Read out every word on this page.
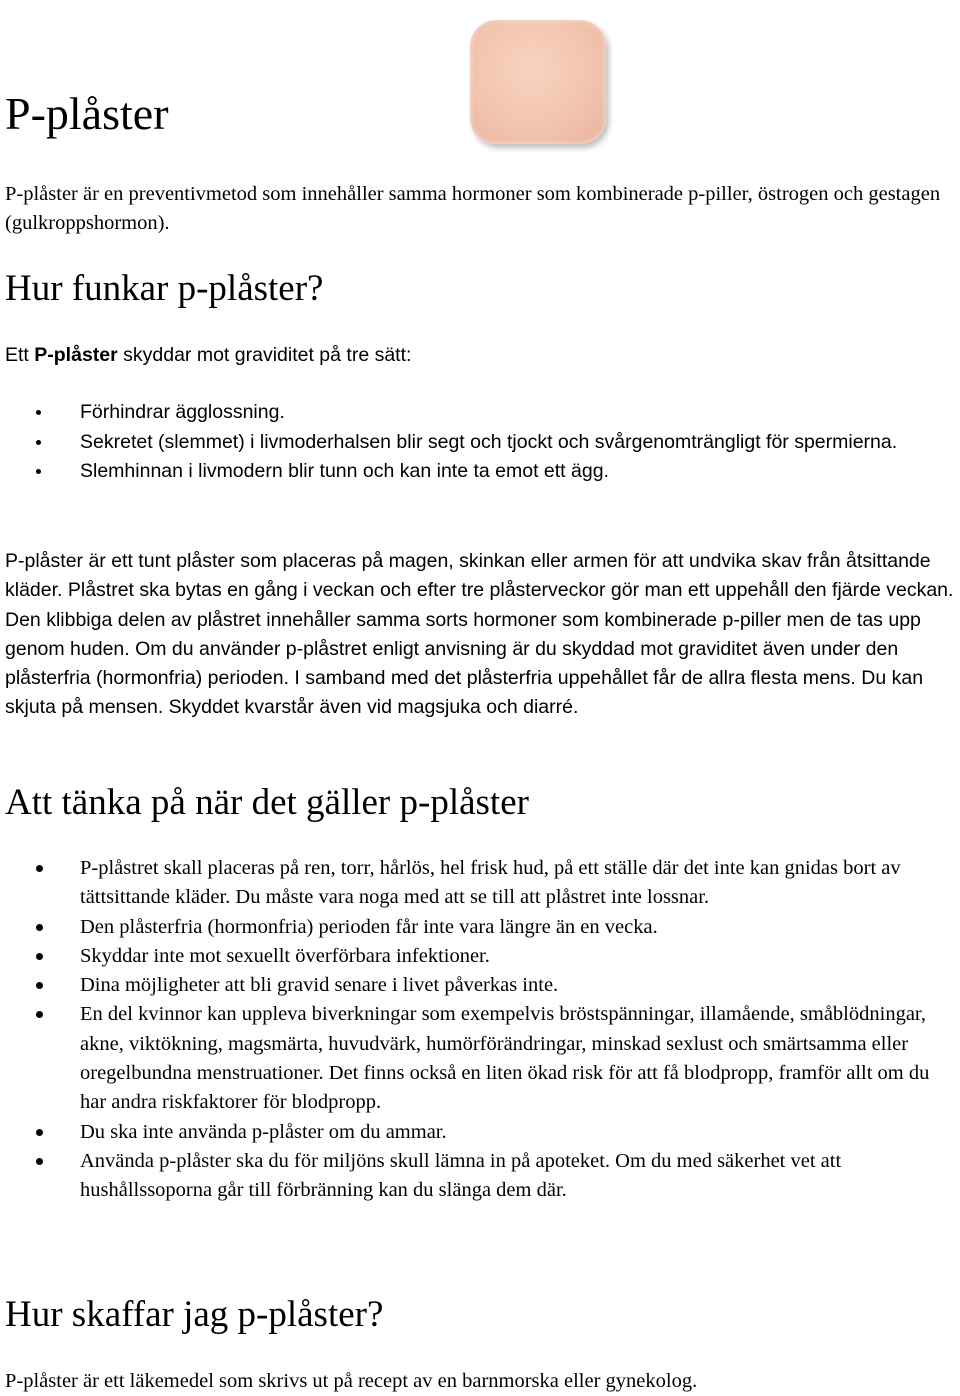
P-plåster

P-plåster är en preventivmetod som innehåller samma hormoner som kombinerade p-piller, östrogen och gestagen (gulkroppshormon).

Hur funkar p-plåster?

Ett P-plåster skyddar mot graviditet på tre sätt:

Förhindrar ägglossning.
Sekretet (slemmet) i livmoderhalsen blir segt och tjockt och svårgenomträngligt för spermierna.
Slemhinnan i livmodern blir tunn och kan inte ta emot ett ägg.

P-plåster är ett tunt plåster som placeras på magen, skinkan eller armen för att undvika skav från åtsittande kläder. Plåstret ska bytas en gång i veckan och efter tre plåsterveckor gör man ett uppehåll den fjärde veckan. Den klibbiga delen av plåstret innehåller samma sorts hormoner som kombinerade p-piller men de tas upp genom huden. Om du använder p-plåstret enligt anvisning är du skyddad mot graviditet även under den plåsterfria (hormonfria) perioden. I samband med det plåsterfria uppehållet får de allra flesta mens. Du kan skjuta på mensen. Skyddet kvarstår även vid magsjuka och diarré.

Att tänka på när det gäller p-plåster
P-plåstret skall placeras på ren, torr, hårlös, hel frisk hud, på ett ställe där det inte kan gnidas bort av tättsittande kläder. Du måste vara noga med att se till att plåstret inte lossnar.
Den plåsterfria (hormonfria) perioden får inte vara längre än en vecka.
Skyddar inte mot sexuellt överförbara infektioner.
Dina möjligheter att bli gravid senare i livet påverkas inte.
En del kvinnor kan uppleva biverkningar som exempelvis bröstspänningar, illamående, småblödningar, akne, viktökning, magsmärta, huvudvärk, humörförändringar, minskad sexlust och smärtsamma eller oregelbundna menstruationer. Det finns också en liten ökad risk för att få blodpropp, framför allt om du har andra riskfaktorer för blodpropp.
Du ska inte använda p-plåster om du ammar.
Använda p-plåster ska du för miljöns skull lämna in på apoteket. Om du med säkerhet vet att hushållssoporna går till förbränning kan du slänga dem där.
Hur skaffar jag p-plåster?

P-plåster är ett läkemedel som skrivs ut på recept av en barnmorska eller gynekolog.
